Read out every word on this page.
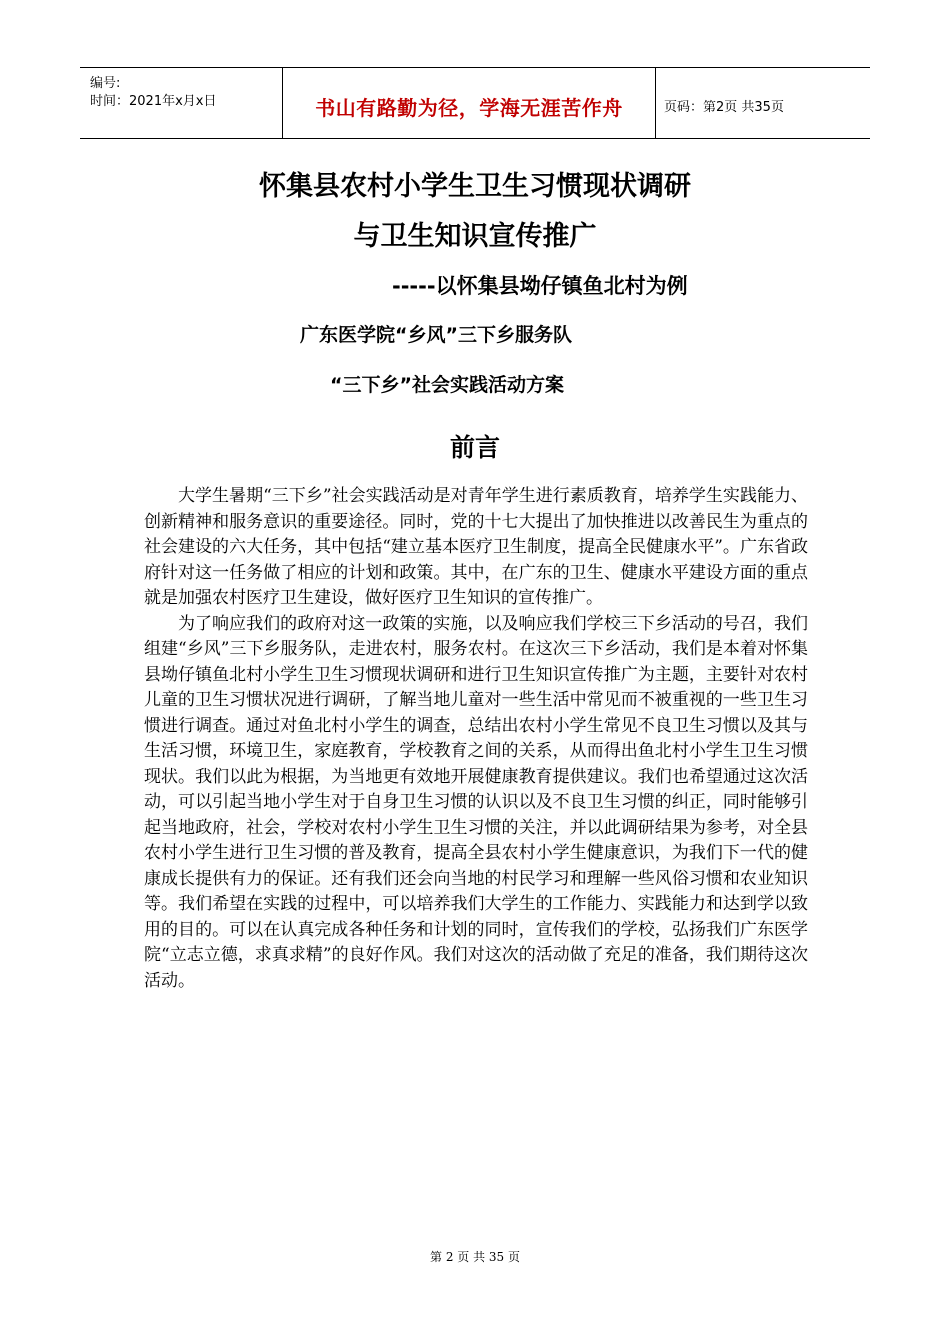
编号:
时间：2021年x月x日	书山有路勤为径，学海无涯苦作舟	页码：第2页 共35页
怀集县农村小学生卫生习惯现状调研
与卫生知识宣传推广
-----以怀集县坳仔镇鱼北村为例
广东医学院“乡风”三下乡服务队
“三下乡”社会实践活动方案
前言

大学生暑期“三下乡”社会实践活动是对青年学生进行素质教育，培养学生实践能力、创新精神和服务意识的重要途径。同时，党的十七大提出了加快推进以改善民生为重点的社会建设的六大任务，其中包括“建立基本医疗卫生制度，提高全民健康水平”。广东省政府针对这一任务做了相应的计划和政策。其中，在广东的卫生、健康水平建设方面的重点就是加强农村医疗卫生建设，做好医疗卫生知识的宣传推广。

为了响应我们的政府对这一政策的实施，以及响应我们学校三下乡活动的号召，我们组建“乡风”三下乡服务队，走进农村，服务农村。在这次三下乡活动，我们是本着对怀集县坳仔镇鱼北村小学生卫生习惯现状调研和进行卫生知识宣传推广为主题，主要针对农村儿童的卫生习惯状况进行调研，了解当地儿童对一些生活中常见而不被重视的一些卫生习惯进行调查。通过对鱼北村小学生的调查，总结出农村小学生常见不良卫生习惯以及其与生活习惯，环境卫生，家庭教育，学校教育之间的关系，从而得出鱼北村小学生卫生习惯现状。我们以此为根据，为当地更有效地开展健康教育提供建议。我们也希望通过这次活动，可以引起当地小学生对于自身卫生习惯的认识以及不良卫生习惯的纠正，同时能够引起当地政府，社会，学校对农村小学生卫生习惯的关注，并以此调研结果为参考，对全县农村小学生进行卫生习惯的普及教育，提高全县农村小学生健康意识，为我们下一代的健康成长提供有力的保证。还有我们还会向当地的村民学习和理解一些风俗习惯和农业知识等。我们希望在实践的过程中，可以培养我们大学生的工作能力、实践能力和达到学以致用的目的。可以在认真完成各种任务和计划的同时，宣传我们的学校，弘扬我们广东医学院“立志立德，求真求精”的良好作风。我们对这次的活动做了充足的准备，我们期待这次活动。

第 2 页 共 35 页
